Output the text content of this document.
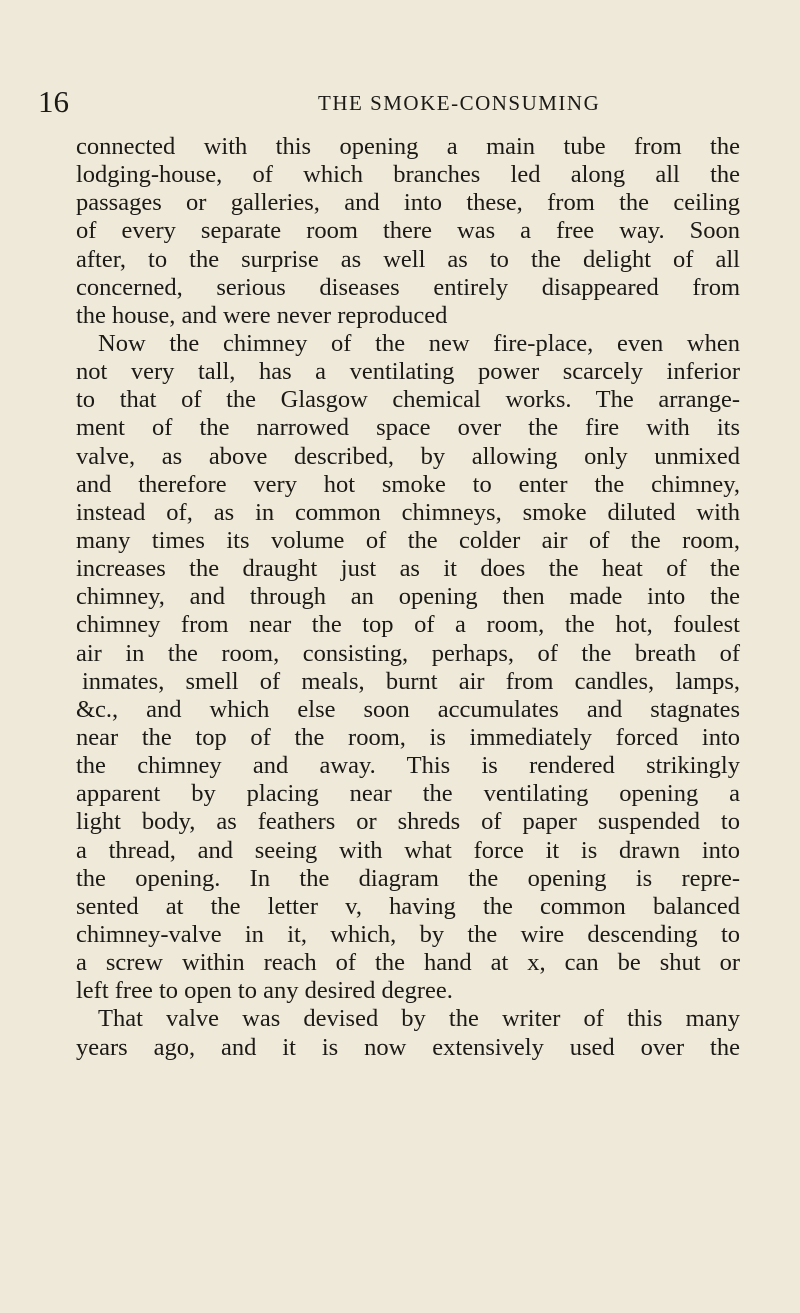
16	THE SMOKE-CONSUMING
connected with this opening a main tube from the
lodging-house, of which branches led along all the
passages or galleries, and into these, from the ceiling
of every separate room there was a free way. Soon
after, to the surprise as well as to the delight of all
concerned, serious diseases entirely disappeared from
the house, and were never reproduced
Now the chimney of the new fire-place, even when
not very tall, has a ventilating power scarcely inferior
to that of the Glasgow chemical works. The arrange-
ment of the narrowed space over the fire with its
valve, as above described, by allowing only unmixed
and therefore very hot smoke to enter the chimney,
instead of, as in common chimneys, smoke diluted with
many times its volume of the colder air of the room,
increases the draught just as it does the heat of the
chimney, and through an opening then made into the
chimney from near the top of a room, the hot, foulest
air in the room, consisting, perhaps, of the breath of
inmates, smell of meals, burnt air from candles, lamps,
&c., and which else soon accumulates and stagnates
near the top of the room, is immediately forced into
the chimney and away. This is rendered strikingly
apparent by placing near the ventilating opening a
light body, as feathers or shreds of paper suspended to
a thread, and seeing with what force it is drawn into
the opening. In the diagram the opening is repre-
sented at the letter v, having the common balanced
chimney-valve in it, which, by the wire descending to
a screw within reach of the hand at x, can be shut or
left free to open to any desired degree.
That valve was devised by the writer of this many
years ago, and it is now extensively used over the
